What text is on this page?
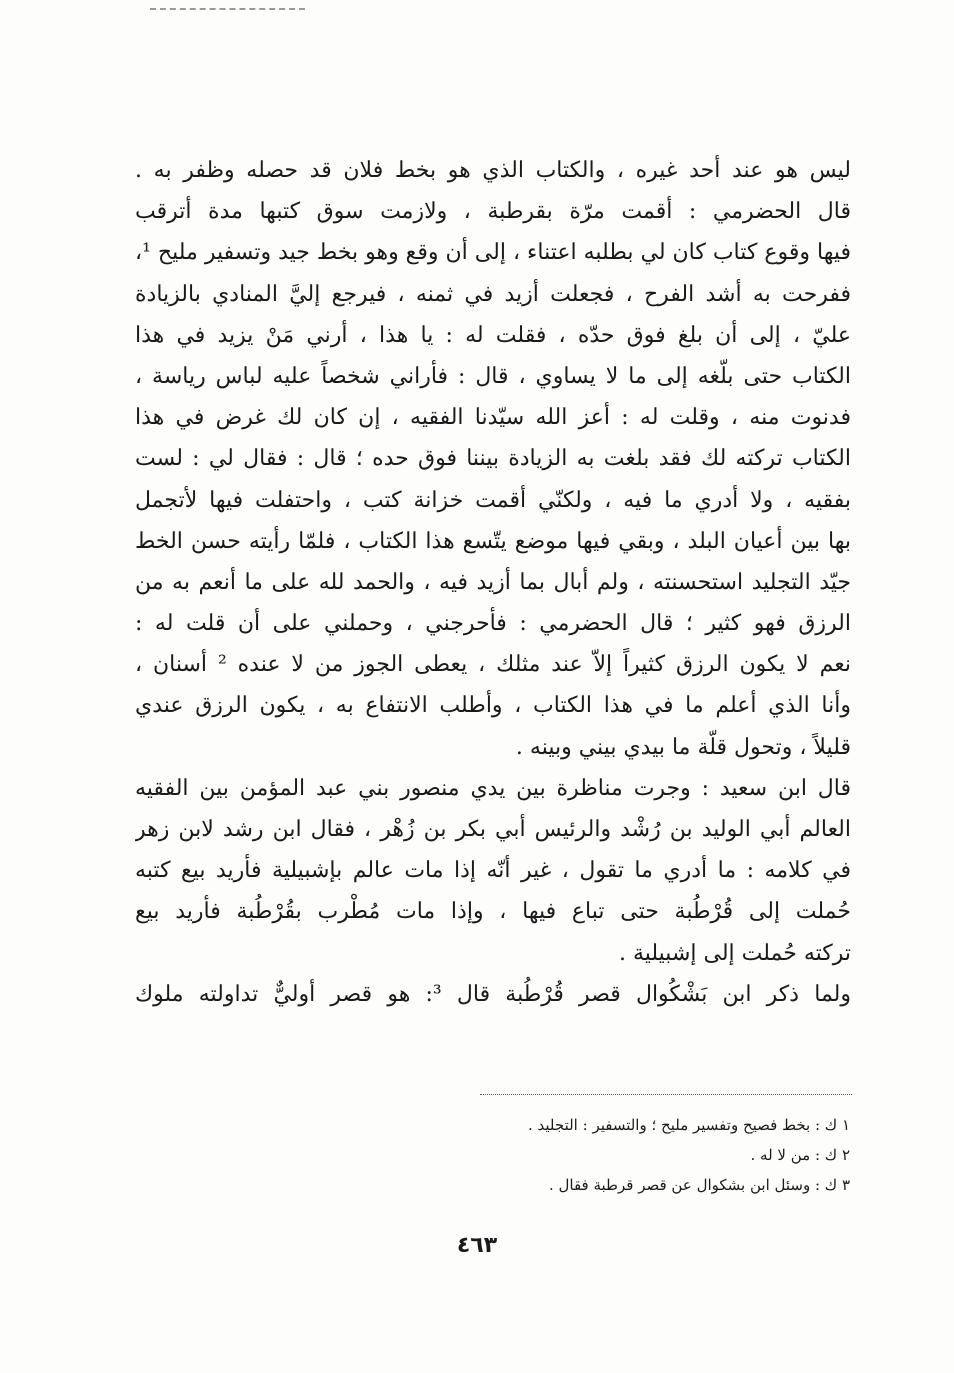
ليس هو عند أحد غيره ، والكتاب الذي هو بخط فلان قد حصله وظفر به .
قال الحضرمي : أقمت مرّة بقرطبة ، ولازمت سوق كتبها مدة أترقب
فيها وقوع كتاب كان لي بطلبه اعتناء ، إلى أن وقع وهو بخط جيد وتسفير مليح ¹،
ففرحت به أشد الفرح ، فجعلت أزيد في ثمنه ، فيرجع إليَّ المنادي بالزيادة
عليّ ، إلى أن بلغ فوق حدّه ، فقلت له : يا هذا ، أرني مَنْ يزيد في هذا
الكتاب حتى بلّغه إلى ما لا يساوي ، قال : فأراني شخصاً عليه لباس رياسة ،
فدنوت منه ، وقلت له : أعز الله سيّدنا الفقيه ، إن كان لك غرض في هذا
الكتاب تركته لك فقد بلغت به الزيادة بيننا فوق حده ؛ قال : فقال لي : لست
بفقيه ، ولا أدري ما فيه ، ولكنّي أقمت خزانة كتب ، واحتفلت فيها لأتجمل
بها بين أعيان البلد ، وبقي فيها موضع يتّسع هذا الكتاب ، فلمّا رأيته حسن الخط
جيّد التجليد استحسنته ، ولم أبال بما أزيد فيه ، والحمد لله على ما أنعم به من
الرزق فهو كثير ؛ قال الحضرمي : فأحرجني ، وحملني على أن قلت له :
نعم لا يكون الرزق كثيراً إلاّ عند مثلك ، يعطى الجوز من لا عنده ² أسنان ،
وأنا الذي أعلم ما في هذا الكتاب ، وأطلب الانتفاع به ، يكون الرزق عندي
قليلاً ، وتحول قلّة ما بيدي بيني وبينه .
قال ابن سعيد : وجرت مناظرة بين يدي منصور بني عبد المؤمن بين الفقيه
العالم أبي الوليد بن رُشْد والرئيس أبي بكر بن زُهْر ، فقال ابن رشد لابن زهر
في كلامه : ما أدري ما تقول ، غير أنّه إذا مات عالم بإشبيلية فأريد بيع كتبه
حُملت إلى قُرْطُبة حتى تباع فيها ، وإذا مات مُطْرب بقُرْطُبة فأريد بيع
تركته حُملت إلى إشبيلية .
ولما ذكر ابن بَشْكُوال قصر قُرْطُبة قال ³: هو قصر أوليٌّ تداولته ملوك
١ ك : بخط فصيح وتفسير مليح ؛ والتسفير : التجليد .
٢ ك : من لا له .
٣ ك : وسئل ابن بشكوال عن قصر قرطبة فقال .
٤٦٣
